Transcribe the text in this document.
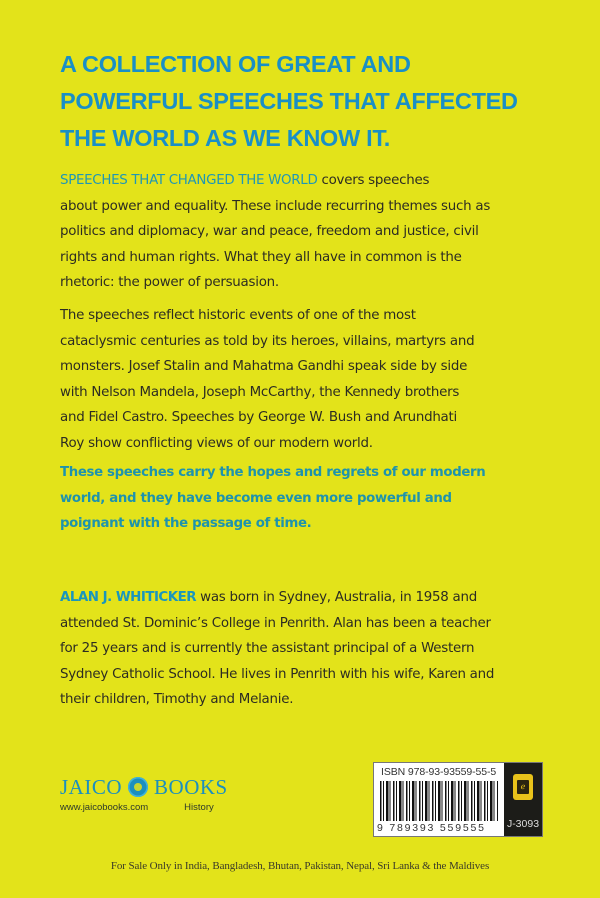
A COLLECTION OF GREAT AND
POWERFUL SPEECHES THAT AFFECTED
THE WORLD AS WE KNOW IT.
SPEECHES THAT CHANGED THE WORLD covers speeches
about power and equality. These include recurring themes such as
politics and diplomacy, war and peace, freedom and justice, civil
rights and human rights. What they all have in common is the
rhetoric: the power of persuasion.
The speeches reflect historic events of one of the most
cataclysmic centuries as told by its heroes, villains, martyrs and
monsters. Josef Stalin and Mahatma Gandhi speak side by side
with Nelson Mandela, Joseph McCarthy, the Kennedy brothers
and Fidel Castro. Speeches by George W. Bush and Arundhati
Roy show conflicting views of our modern world.
These speeches carry the hopes and regrets of our modern
world, and they have become even more powerful and
poignant with the passage of time.
ALAN J. WHITICKER was born in Sydney, Australia, in 1958 and
attended St. Dominic’s College in Penrith. Alan has been a teacher
for 25 years and is currently the assistant principal of a Western
Sydney Catholic School. He lives in Penrith with his wife, Karen and
their children, Timothy and Melanie.
JAICO BOOKS
www.jaicobooks.com	History
ISBN 978-93-93559-55-5
9 789393 559555
ℯ
J-3093
For Sale Only in India, Bangladesh, Bhutan, Pakistan, Nepal, Sri Lanka & the Maldives
